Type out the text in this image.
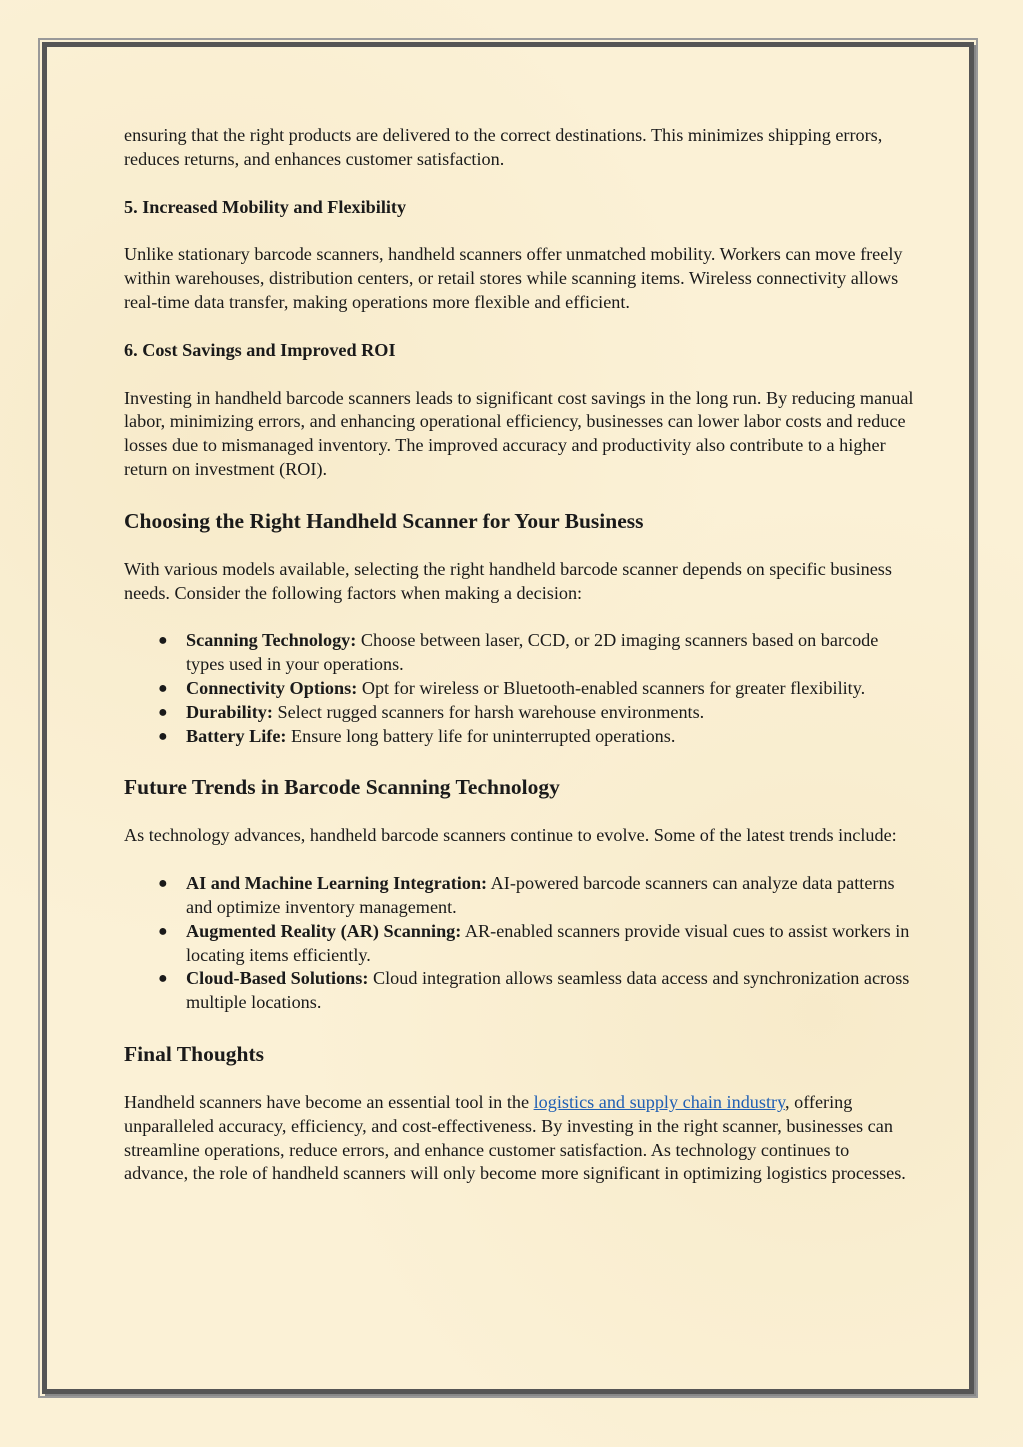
ensuring that the right products are delivered to the correct destinations. This minimizes shipping errors, reduces returns, and enhances customer satisfaction.

5. Increased Mobility and Flexibility

Unlike stationary barcode scanners, handheld scanners offer unmatched mobility. Workers can move freely within warehouses, distribution centers, or retail stores while scanning items. Wireless connectivity allows real-time data transfer, making operations more flexible and efficient.

6. Cost Savings and Improved ROI

Investing in handheld barcode scanners leads to significant cost savings in the long run. By reducing manual labor, minimizing errors, and enhancing operational efficiency, businesses can lower labor costs and reduce losses due to mismanaged inventory. The improved accuracy and productivity also contribute to a higher return on investment (ROI).

Choosing the Right Handheld Scanner for Your Business

With various models available, selecting the right handheld barcode scanner depends on specific business needs. Consider the following factors when making a decision:

● Scanning Technology: Choose between laser, CCD, or 2D imaging scanners based on barcode types used in your operations.
● Connectivity Options: Opt for wireless or Bluetooth-enabled scanners for greater flexibility.
● Durability: Select rugged scanners for harsh warehouse environments.
● Battery Life: Ensure long battery life for uninterrupted operations.
Future Trends in Barcode Scanning Technology

As technology advances, handheld barcode scanners continue to evolve. Some of the latest trends include:

● AI and Machine Learning Integration: AI-powered barcode scanners can analyze data patterns and optimize inventory management.
● Augmented Reality (AR) Scanning: AR-enabled scanners provide visual cues to assist workers in locating items efficiently.
● Cloud-Based Solutions: Cloud integration allows seamless data access and synchronization across multiple locations.
Final Thoughts

Handheld scanners have become an essential tool in the logistics and supply chain industry, offering unparalleled accuracy, efficiency, and cost-effectiveness. By investing in the right scanner, businesses can streamline operations, reduce errors, and enhance customer satisfaction. As technology continues to advance, the role of handheld scanners will only become more significant in optimizing logistics processes.
